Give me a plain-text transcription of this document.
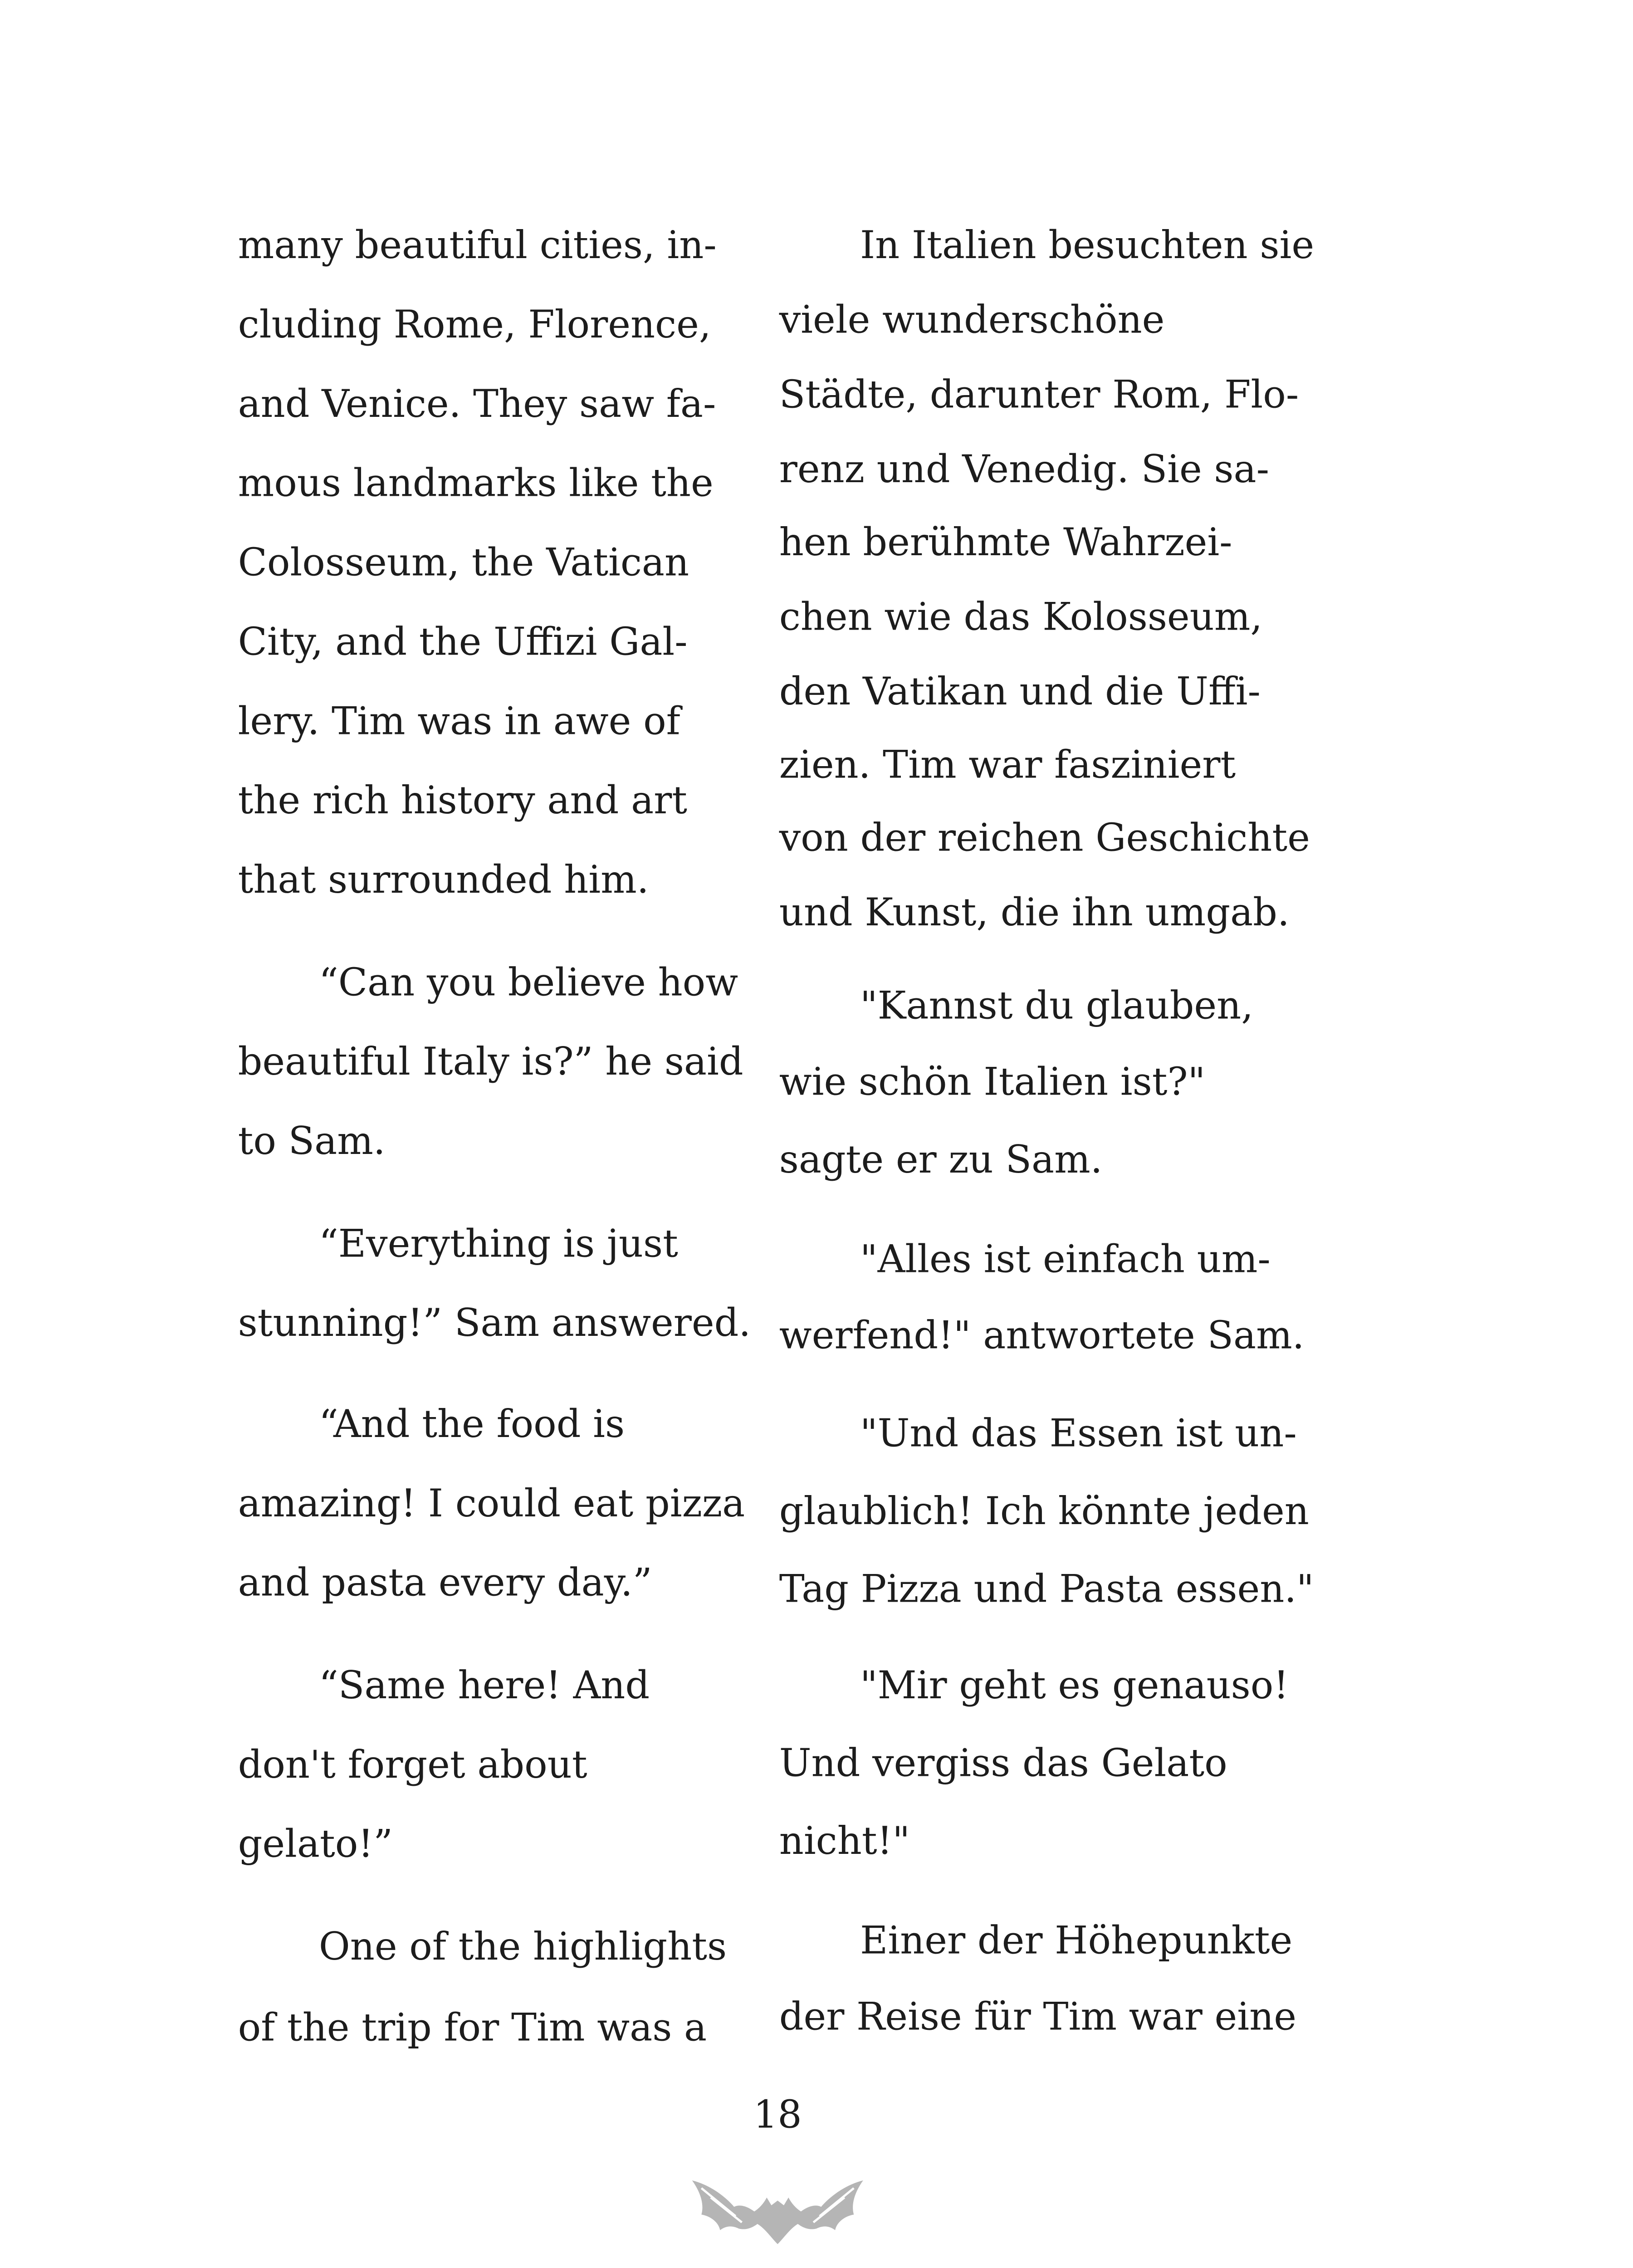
many beautiful cities, in-
cluding Rome, Florence,
and Venice. They saw fa-
mous landmarks like the
Colosseum, the Vatican
City, and the Uffizi Gal-
lery. Tim was in awe of
the rich history and art
that surrounded him.
“Can you believe how
beautiful Italy is?” he said
to Sam.
“Everything is just
stunning!” Sam answered.
“And the food is
amazing! I could eat pizza
and pasta every day.”
“Same here! And
don't forget about
gelato!”
One of the highlights
of the trip for Tim was a
In Italien besuchten sie
viele wunderschöne
Städte, darunter Rom, Flo-
renz und Venedig. Sie sa-
hen berühmte Wahrzei-
chen wie das Kolosseum,
den Vatikan und die Uffi-
zien. Tim war fasziniert
von der reichen Geschichte
und Kunst, die ihn umgab.
"Kannst du glauben,
wie schön Italien ist?"
sagte er zu Sam.
"Alles ist einfach um-
werfend!" antwortete Sam.
"Und das Essen ist un-
glaublich! Ich könnte jeden
Tag Pizza und Pasta essen."
"Mir geht es genauso!
Und vergiss das Gelato
nicht!"
Einer der Höhepunkte
der Reise für Tim war eine
18
